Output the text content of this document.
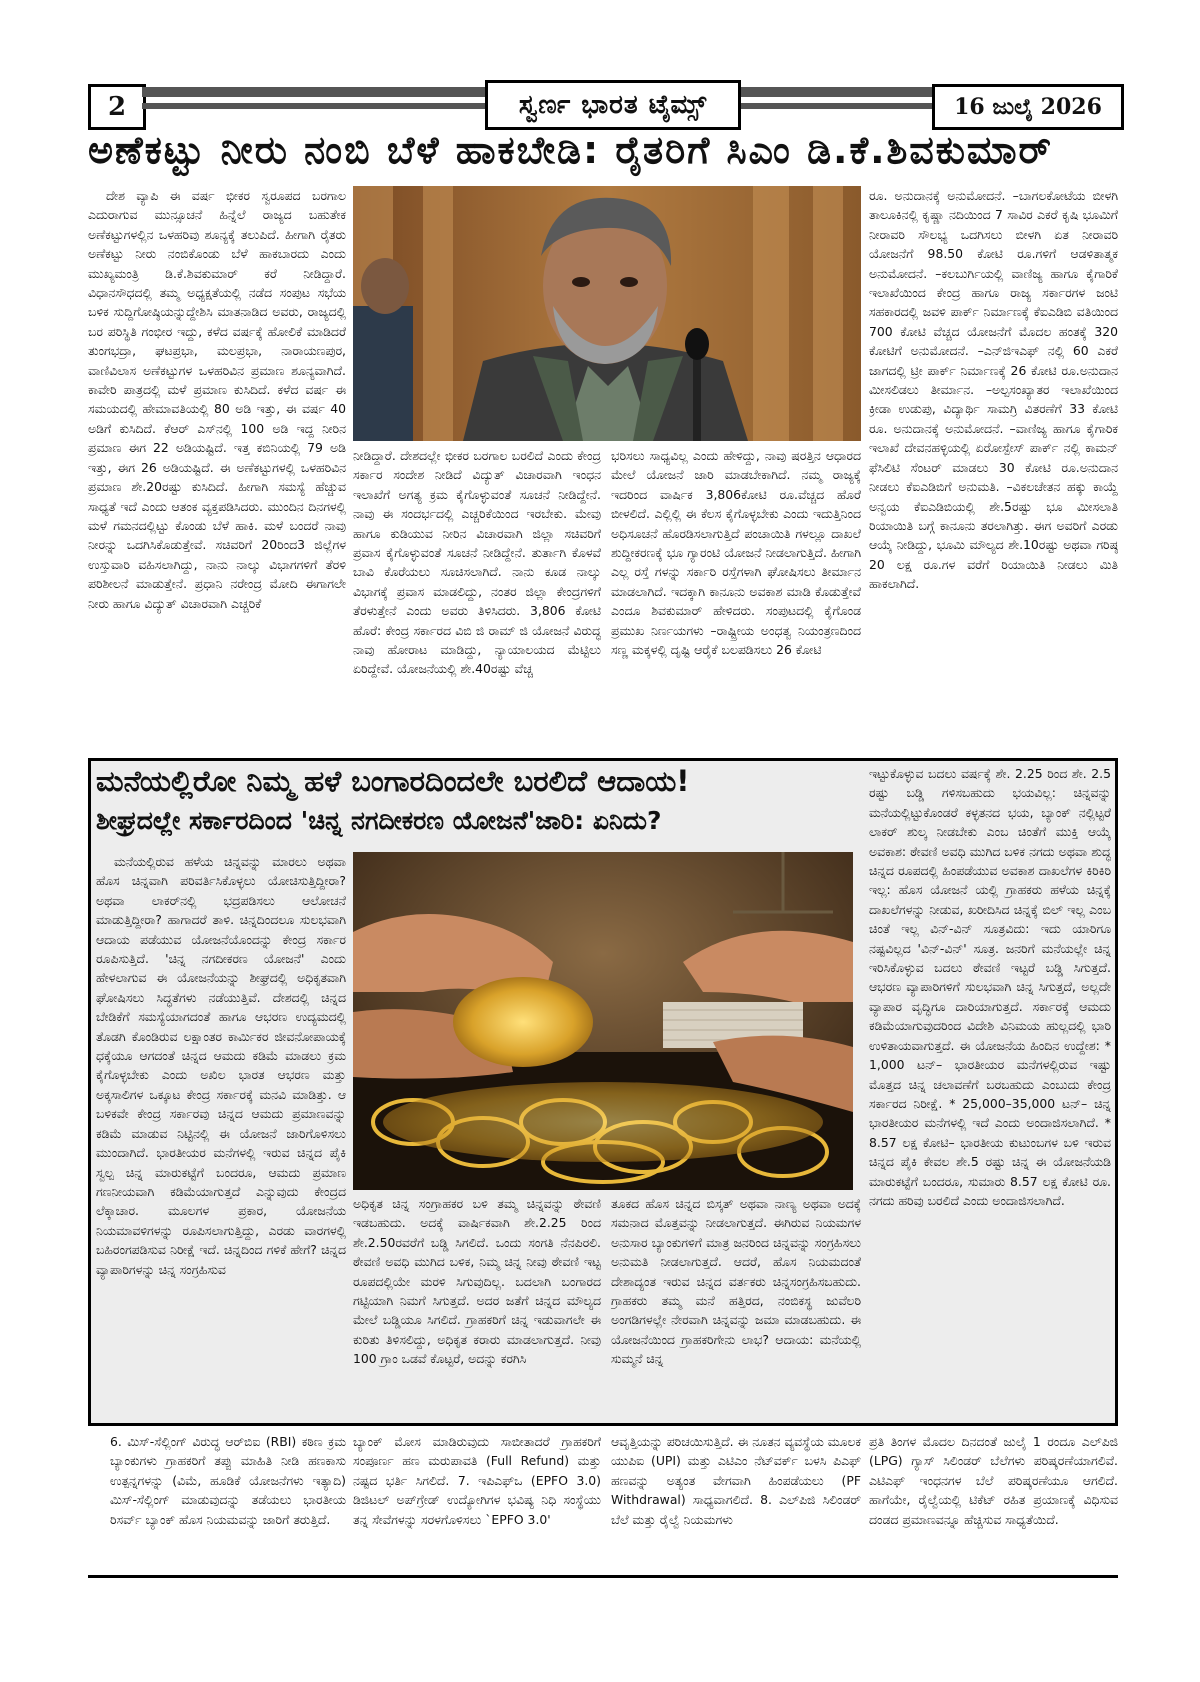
2	ಸ್ವರ್ಣ ಭಾರತ ಟೈಮ್ಸ್	16 ಜುಲೈ 2026
ಅಣೆಕಟ್ಟು ನೀರು ನಂಬಿ ಬೆಳೆ ಹಾಕಬೇಡಿ: ರೈತರಿಗೆ ಸಿಎಂ ಡಿ.ಕೆ.ಶಿವಕುಮಾರ್

ದೇಶ ವ್ಯಾಪಿ ಈ ವರ್ಷ ಭೀಕರ ಸ್ವರೂಪದ ಬರಗಾಲ ಎದುರಾಗುವ ಮುನ್ಸೂಚನೆ ಹಿನ್ನೆಲೆ ರಾಜ್ಯದ ಬಹುತೇಕ ಅಣೆಕಟ್ಟುಗಳಲ್ಲಿನ ಒಳಹರಿವು ಶೂನ್ಯಕ್ಕೆ ತಲುಪಿದೆ. ಹೀಗಾಗಿ ರೈತರು ಅಣೆಕಟ್ಟು ನೀರು ನಂಬಿಕೊಂಡು ಬೆಳೆ ಹಾಕಬಾರದು ಎಂದು ಮುಖ್ಯಮಂತ್ರಿ ಡಿ.ಕೆ.ಶಿವಕುಮಾರ್ ಕರೆ ನೀಡಿದ್ದಾರೆ. ವಿಧಾನಸೌಧದಲ್ಲಿ ತಮ್ಮ ಅಧ್ಯಕ್ಷತೆಯಲ್ಲಿ ನಡೆದ ಸಂಪುಟ ಸಭೆಯ ಬಳಿಕ ಸುದ್ದಿಗೋಷ್ಠಿಯನ್ನುದ್ದೇಶಿಸಿ ಮಾತನಾಡಿದ ಅವರು, ರಾಜ್ಯದಲ್ಲಿ ಬರ ಪರಿಸ್ಥಿತಿ ಗಂಭೀರ ಇದ್ದು, ಕಳೆದ ವರ್ಷಕ್ಕೆ ಹೋಲಿಕೆ ಮಾಡಿದರೆ ತುಂಗಭದ್ರಾ, ಘಟಪ್ರಭಾ, ಮಲಪ್ರಭಾ, ನಾರಾಯಣಪುರ, ವಾಣಿವಿಲಾಸ ಅಣೆಕಟ್ಟುಗಳ ಒಳಹರಿವಿನ ಪ್ರಮಾಣ ಶೂನ್ಯವಾಗಿದೆ. ಕಾವೇರಿ ಪಾತ್ರದಲ್ಲಿ ಮಳೆ ಪ್ರಮಾಣ ಕುಸಿದಿದೆ. ಕಳೆದ ವರ್ಷ ಈ ಸಮಯದಲ್ಲಿ ಹೇಮಾವತಿಯಲ್ಲಿ 80 ಅಡಿ ಇತ್ತು, ಈ ವರ್ಷ 40 ಅಡಿಗೆ ಕುಸಿದಿದೆ. ಕೆಆರ್ ಎಸ್‌ನಲ್ಲಿ 100 ಅಡಿ ಇದ್ದ ನೀರಿನ ಪ್ರಮಾಣ ಈಗ 22 ಅಡಿಯಷ್ಟಿದೆ. ಇತ್ತ ಕಬಿನಿಯಲ್ಲಿ 79 ಅಡಿ ಇತ್ತು, ಈಗ 26 ಅಡಿಯಷ್ಟಿದೆ. ಈ ಅಣೆಕಟ್ಟುಗಳಲ್ಲಿ ಒಳಹರಿವಿನ ಪ್ರಮಾಣ ಶೇ.20ರಷ್ಟು ಕುಸಿದಿದೆ. ಹೀಗಾಗಿ ಸಮಸ್ಯೆ ಹೆಚ್ಚುವ ಸಾಧ್ಯತೆ ಇದೆ ಎಂದು ಆತಂಕ ವ್ಯಕ್ತಪಡಿಸಿದರು. ಮುಂದಿನ ದಿನಗಳಲ್ಲಿ ಮಳೆ ಗಮನದಲ್ಲಿಟ್ಟು ಕೊಂಡು ಬೆಳೆ ಹಾಕಿ. ಮಳೆ ಬಂದರೆ ನಾವು ನೀರನ್ನು ಒದಗಿಸಿಕೊಡುತ್ತೇವೆ. ಸಚಿವರಿಗೆ 20ರಿಂದ3 ಜಿಲ್ಲೆಗಳ ಉಸ್ತುವಾರಿ ವಹಿಸಲಾಗಿದ್ದು, ನಾನು ನಾಲ್ಕು ವಿಭಾಗಗಳಿಗೆ ತೆರಳಿ ಪರಿಶೀಲನೆ ಮಾಡುತ್ತೇನೆ. ಪ್ರಧಾನಿ ನರೇಂದ್ರ ಮೋದಿ ಈಗಾಗಲೇ ನೀರು ಹಾಗೂ ವಿದ್ಯುತ್ ವಿಚಾರವಾಗಿ ಎಚ್ಚರಿಕೆ

ನೀಡಿದ್ದಾರೆ. ದೇಶದಲ್ಲೇ ಭೀಕರ ಬರಗಾಲ ಬರಲಿದೆ ಎಂದು ಕೇಂದ್ರ ಸರ್ಕಾರ ಸಂದೇಶ ನೀಡಿದೆ ವಿದ್ಯುತ್ ವಿಚಾರವಾಗಿ ಇಂಧನ ಇಲಾಖೆಗೆ ಅಗತ್ಯ ಕ್ರಮ ಕೈಗೊಳ್ಳುವಂತೆ ಸೂಚನೆ ನೀಡಿದ್ದೇನೆ. ನಾವು ಈ ಸಂದರ್ಭದಲ್ಲಿ ಎಚ್ಚರಿಕೆಯಿಂದ ಇರಬೇಕು. ಮೇವು ಹಾಗೂ ಕುಡಿಯುವ ನೀರಿನ ವಿಚಾರವಾಗಿ ಜಿಲ್ಲಾ ಸಚಿವರಿಗೆ ಪ್ರವಾಸ ಕೈಗೊಳ್ಳುವಂತೆ ಸೂಚನೆ ನೀಡಿದ್ದೇನೆ. ತುರ್ತಾಗಿ ಕೊಳವೆ ಬಾವಿ ಕೊರೆಯಲು ಸೂಚಿಸಲಾಗಿದೆ. ನಾನು ಕೂಡ ನಾಲ್ಕು ವಿಭಾಗಕ್ಕೆ ಪ್ರವಾಸ ಮಾಡಲಿದ್ದು, ನಂತರ ಜಿಲ್ಲಾ ಕೇಂದ್ರಗಳಿಗೆ ತೆರಳುತ್ತೇನೆ ಎಂದು ಅವರು ತಿಳಿಸಿದರು. 3,806 ಕೋಟಿ ಹೊರೆ: ಕೇಂದ್ರ ಸರ್ಕಾರದ ವಿಬಿ ಜಿ ರಾಮ್ ಜಿ ಯೋಜನೆ ವಿರುದ್ಧ ನಾವು ಹೋರಾಟ ಮಾಡಿದ್ದು, ನ್ಯಾಯಾಲಯದ ಮೆಟ್ಟಿಲು ಏರಿದ್ದೇವೆ. ಯೋಜನೆಯಲ್ಲಿ ಶೇ.40ರಷ್ಟು ವೆಚ್ಚ

ಭರಿಸಲು ಸಾಧ್ಯವಿಲ್ಲ ಎಂದು ಹೇಳಿದ್ದು, ನಾವು ಷರತ್ತಿನ ಆಧಾರದ ಮೇಲೆ ಯೋಜನೆ ಜಾರಿ ಮಾಡಬೇಕಾಗಿದೆ. ನಮ್ಮ ರಾಜ್ಯಕ್ಕೆ ಇದರಿಂದ ವಾರ್ಷಿಕ 3,806ಕೋಟಿ ರೂ.ವೆಚ್ಚದ ಹೊರೆ ಬೀಳಲಿದೆ. ಎಲ್ಲಿಲ್ಲಿ ಈ ಕೆಲಸ ಕೈಗೊಳ್ಳಬೇಕು ಎಂದು ಇದುತ್ತಿನಿಂದ ಅಧಿಸೂಚನೆ ಹೊರಡಿಸಲಾಗುತ್ತಿದೆ ಪಂಚಾಯಿತಿ ಗಳಲ್ಲೂ ದಾಖಲೆ ಶುದ್ದೀಕರಣಕ್ಕೆ ಭೂ ಗ್ಯಾರಂಟಿ ಯೋಜನೆ ನೀಡಲಾಗುತ್ತಿದೆ. ಹೀಗಾಗಿ ಎಲ್ಲ ರಸ್ತೆ ಗಳನ್ನು ಸರ್ಕಾರಿ ರಸ್ತೆಗಳಾಗಿ ಘೋಷಿಸಲು ತೀರ್ಮಾನ ಮಾಡಲಾಗಿದೆ. ಇದಕ್ಕಾಗಿ ಕಾನೂನು ಅವಕಾಶ ಮಾಡಿ ಕೊಡುತ್ತೇವೆ ಎಂದೂ ಶಿವಕುಮಾರ್ ಹೇಳಿದರು. ಸಂಪುಟದಲ್ಲಿ ಕೈಗೊಂಡ ಪ್ರಮುಖ ನಿರ್ಣಯಗಳು –ರಾಷ್ಟ್ರೀಯ ಅಂಧತ್ವ ನಿಯಂತ್ರಣದಿಂದ ಸಣ್ಣ ಮಕ್ಕಳಲ್ಲಿ ದೃಷ್ಟಿ ಆರೈಕೆ ಬಲಪಡಿಸಲು 26 ಕೋಟಿ

ರೂ. ಅನುದಾನಕ್ಕೆ ಅನುಮೋದನೆ. –ಬಾಗಲಕೋಟೆಯ ಬೀಳಗಿ ತಾಲೂಕಿನಲ್ಲಿ ಕೃಷ್ಣಾ ನದಿಯಿಂದ 7 ಸಾವಿರ ಎಕರೆ ಕೃಷಿ ಭೂಮಿಗೆ ನೀರಾವರಿ ಸೌಲಭ್ಯ ಒದಗಿಸಲು ಬೀಳಗಿ ಏತ ನೀರಾವರಿ ಯೋಜನೆಗೆ 98.50 ಕೋಟಿ ರೂ.ಗಳಿಗೆ ಆಡಳಿತಾತ್ಮಕ ಅನುಮೋದನೆ. –ಕಲಬುರ್ಗಿಯಲ್ಲಿ ವಾಣಿಜ್ಯ ಹಾಗೂ ಕೈಗಾರಿಕೆ ಇಲಾಖೆಯಿಂದ ಕೇಂದ್ರ ಹಾಗೂ ರಾಜ್ಯ ಸರ್ಕಾರಗಳ ಜಂಟಿ ಸಹಕಾರದಲ್ಲಿ ಜವಳಿ ಪಾರ್ಕ್ ನಿರ್ಮಾಣಕ್ಕೆ ಕೆಐಎಡಿಬಿ ವತಿಯಿಂದ 700 ಕೋಟಿ ವೆಚ್ಚದ ಯೋಜನೆಗೆ ಮೊದಲ ಹಂತಕ್ಕೆ 320 ಕೋಟಿಗೆ ಅನುಮೋದನೆ. –ಎನ್‌ಜಿಇಎಫ್ ನಲ್ಲಿ 60 ಎಕರೆ ಜಾಗದಲ್ಲಿ ಟ್ರೀ ಪಾರ್ಕ್ ನಿರ್ಮಾಣಕ್ಕೆ 26 ಕೋಟಿ ರೂ.ಅನುದಾನ ಮೀಸಲಿಡಲು ತೀರ್ಮಾನ. –ಅಲ್ಪಸಂಖ್ಯಾತರ ಇಲಾಖೆಯಿಂದ ಕ್ರೀಡಾ ಉಡುಪು, ವಿದ್ಯಾರ್ಥಿ ಸಾಮಗ್ರಿ ವಿತರಣೆಗೆ 33 ಕೋಟಿ ರೂ. ಅನುದಾನಕ್ಕೆ ಅನುಮೋದನೆ. –ವಾಣಿಜ್ಯ ಹಾಗೂ ಕೈಗಾರಿಕ ಇಲಾಖೆ ದೇವನಹಳ್ಳಿಯಲ್ಲಿ ಏರೋಸ್ಪೇಸ್ ಪಾರ್ಕ್ ನಲ್ಲಿ ಕಾಮನ್ ಫೆಸಿಲಿಟಿ ಸೆಂಟರ್ ಮಾಡಲು 30 ಕೋಟಿ ರೂ.ಅನುದಾನ ನೀಡಲು ಕೆಐಎಡಿಬಿಗೆ ಅನುಮತಿ. –ವಿಕಲಚೇತನ ಹಕ್ಕು ಕಾಯ್ದೆ ಅನ್ವಯ ಕೆಐಎಡಿಬಿಯಲ್ಲಿ ಶೇ.5ರಷ್ಟು ಭೂ ಮೀಸಲಾತಿ ರಿಯಾಯಿತಿ ಬಗ್ಗೆ ಕಾನೂನು ತರಲಾಗಿತ್ತು. ಈಗ ಅವರಿಗೆ ಎರಡು ಆಯ್ಕೆ ನೀಡಿದ್ದು, ಭೂಮಿ ಮೌಲ್ಯದ ಶೇ.10ರಷ್ಟು ಅಥವಾ ಗರಿಷ್ಠ 20 ಲಕ್ಷ ರೂ.ಗಳ ವರೆಗೆ ರಿಯಾಯಿತಿ ನೀಡಲು ಮಿತಿ ಹಾಕಲಾಗಿದೆ.

ಮನೆಯಲ್ಲಿರೋ ನಿಮ್ಮ ಹಳೆ ಬಂಗಾರದಿಂದಲೇ ಬರಲಿದೆ ಆದಾಯ!
ಶೀಘ್ರದಲ್ಲೇ ಸರ್ಕಾರದಿಂದ 'ಚಿನ್ನ ನಗದೀಕರಣ ಯೋಜನೆ'ಜಾರಿ: ಏನಿದು?

ಮನೆಯಲ್ಲಿರುವ ಹಳೆಯ ಚಿನ್ನವನ್ನು ಮಾರಲು ಅಥವಾ ಹೊಸ ಚಿನ್ನವಾಗಿ ಪರಿವರ್ತಿಸಿಕೊಳ್ಳಲು ಯೋಚಿಸುತ್ತಿದ್ದೀರಾ? ಅಥವಾ ಲಾಕರ್‌ನಲ್ಲಿ ಭದ್ರಪಡಿಸಲು ಆಲೋಚನೆ ಮಾಡುತ್ತಿದ್ದೀರಾ? ಹಾಗಾದರೆ ತಾಳಿ. ಚಿನ್ನದಿಂದಲೂ ಸುಲಭವಾಗಿ ಆದಾಯ ಪಡೆಯುವ ಯೋಜನೆಯೊಂದನ್ನು ಕೇಂದ್ರ ಸರ್ಕಾರ ರೂಪಿಸುತ್ತಿದೆ. 'ಚಿನ್ನ ನಗದೀಕರಣ ಯೋಜನೆ' ಎಂದು ಹೇಳಲಾಗುವ ಈ ಯೋಜನೆಯನ್ನು ಶೀಘ್ರದಲ್ಲಿ ಅಧಿಕೃತವಾಗಿ ಘೋಷಿಸಲು ಸಿದ್ಧತೆಗಳು ನಡೆಯುತ್ತಿವೆ. ದೇಶದಲ್ಲಿ ಚಿನ್ನದ ಬೇಡಿಕೆಗೆ ಸಮಸ್ಯೆಯಾಗದಂತೆ ಹಾಗೂ ಆಭರಣ ಉದ್ಯಮದಲ್ಲಿ ತೊಡಗಿ ಕೊಂಡಿರುವ ಲಕ್ಷಾಂತರ ಕಾರ್ಮಿಕರ ಜೀವನೋಪಾಯಕ್ಕೆ ಧಕ್ಕೆಯೂ ಆಗದಂತೆ ಚಿನ್ನದ ಆಮದು ಕಡಿಮೆ ಮಾಡಲು ಕ್ರಮ ಕೈಗೊಳ್ಳಬೇಕು ಎಂದು ಅಖಿಲ ಭಾರತ ಆಭರಣ ಮತ್ತು ಅಕ್ಕಸಾಲಿಗಳ ಒಕ್ಕೂಟ ಕೇಂದ್ರ ಸರ್ಕಾರಕ್ಕೆ ಮನವಿ ಮಾಡಿತ್ತು. ಆ ಬಳಿಕವೇ ಕೇಂದ್ರ ಸರ್ಕಾರವು ಚಿನ್ನದ ಆಮದು ಪ್ರಮಾಣವನ್ನು ಕಡಿಮೆ ಮಾಡುವ ನಿಟ್ಟಿನಲ್ಲಿ ಈ ಯೋಜನೆ ಜಾರಿಗೊಳಿಸಲು ಮುಂದಾಗಿದೆ. ಭಾರತೀಯರ ಮನೆಗಳಲ್ಲಿ ಇರುವ ಚಿನ್ನದ ಪೈಕಿ ಸ್ವಲ್ಪ ಚಿನ್ನ ಮಾರುಕಟ್ಟೆಗೆ ಬಂದರೂ, ಆಮದು ಪ್ರಮಾಣ ಗಣನೀಯವಾಗಿ ಕಡಿಮೆಯಾಗುತ್ತದೆ ಎನ್ನುವುದು ಕೇಂದ್ರದ ಲೆಕ್ಕಾಚಾರ. ಮೂಲಗಳ ಪ್ರಕಾರ, ಯೋಜನೆಯ ನಿಯಮಾವಳಿಗಳನ್ನು ರೂಪಿಸಲಾಗುತ್ತಿದ್ದು, ಎರಡು ವಾರಗಳಲ್ಲಿ ಬಹಿರಂಗಪಡಿಸುವ ನಿರೀಕ್ಷೆ ಇದೆ. ಚಿನ್ನದಿಂದ ಗಳಿಕೆ ಹೇಗೆ? ಚಿನ್ನದ ವ್ಯಾಪಾರಿಗಳನ್ನು ಚಿನ್ನ ಸಂಗ್ರಹಿಸುವ

ಅಧಿಕೃತ ಚಿನ್ನ ಸಂಗ್ರಾಹಕರ ಬಳಿ ತಮ್ಮ ಚಿನ್ನವನ್ನು ಠೇವಣಿ ಇಡಬಹುದು. ಅದಕ್ಕೆ ವಾರ್ಷಿಕವಾಗಿ ಶೇ.2.25 ರಿಂದ ಶೇ.2.50ರವರೆಗೆ ಬಡ್ಡಿ ಸಿಗಲಿದೆ. ಒಂದು ಸಂಗತಿ ನೆನಪಿರಲಿ. ಠೇವಣಿ ಅವಧಿ ಮುಗಿದ ಬಳಿಕ, ನಿಮ್ಮ ಚಿನ್ನ ನೀವು ಠೇವಣಿ ಇಟ್ಟ ರೂಪದಲ್ಲಿಯೇ ಮರಳಿ ಸಿಗುವುದಿಲ್ಲ. ಬದಲಾಗಿ ಬಂಗಾರದ ಗಟ್ಟಿಯಾಗಿ ನಿಮಗೆ ಸಿಗುತ್ತದೆ. ಅದರ ಜತೆಗೆ ಚಿನ್ನದ ಮೌಲ್ಯದ ಮೇಲೆ ಬಡ್ಡಿಯೂ ಸಿಗಲಿದೆ. ಗ್ರಾಹಕರಿಗೆ ಚಿನ್ನ ಇಡುವಾಗಲೇ ಈ ಕುರಿತು ತಿಳಿಸಲಿದ್ದು, ಅಧಿಕೃತ ಕರಾರು ಮಾಡಲಾಗುತ್ತದೆ. ನೀವು 100 ಗ್ರಾಂ ಒಡವೆ ಕೊಟ್ಟರೆ, ಅದನ್ನು ಕರಗಿಸಿ

ತೂಕದ ಹೊಸ ಚಿನ್ನದ ಬಿಸ್ಕತ್ ಅಥವಾ ನಾಣ್ಯ ಅಥವಾ ಅದಕ್ಕೆ ಸಮನಾದ ಮೊತ್ತವನ್ನು ನೀಡಲಾಗುತ್ತದೆ. ಈಗಿರುವ ನಿಯಮಗಳ ಅನುಸಾರ ಬ್ಯಾಂಕುಗಳಿಗೆ ಮಾತ್ರ ಜನರಿಂದ ಚಿನ್ನವನ್ನು ಸಂಗ್ರಹಿಸಲು ಅನುಮತಿ ನೀಡಲಾಗುತ್ತದೆ. ಆದರೆ, ಹೊಸ ನಿಯಮದಂತೆ ದೇಶಾದ್ಯಂತ ಇರುವ ಚಿನ್ನದ ವರ್ತಕರು ಚಿನ್ನಸಂಗ್ರಹಿಸಬಹುದು. ಗ್ರಾಹಕರು ತಮ್ಮ ಮನೆ ಹತ್ತಿರದ, ನಂಬಿಕಸ್ಥ ಜುವೆಲರಿ ಅಂಗಡಿಗಳಲ್ಲೇ ನೇರವಾಗಿ ಚಿನ್ನವನ್ನು ಜಮಾ ಮಾಡಬಹುದು. ಈ ಯೋಜನೆಯಿಂದ ಗ್ರಾಹಕರಿಗೇನು ಲಾಭ? ಆದಾಯ: ಮನೆಯಲ್ಲಿ ಸುಮ್ಮನೆ ಚಿನ್ನ

ಇಟ್ಟುಕೊಳ್ಳುವ ಬದಲು ವರ್ಷಕ್ಕೆ ಶೇ. 2.25 ರಿಂದ ಶೇ. 2.5 ರಷ್ಟು ಬಡ್ಡಿ ಗಳಿಸಬಹುದು ಭಯವಿಲ್ಲ: ಚಿನ್ನವನ್ನು ಮನೆಯಲ್ಲಿಟ್ಟುಕೊಂಡರೆ ಕಳ್ಳತನದ ಭಯ, ಬ್ಯಾಂಕ್ ನಲ್ಲಿಟ್ಟರೆ ಲಾಕರ್ ಶುಲ್ಕ ನೀಡಬೇಕು ಎಂಬ ಚಿಂತೆಗೆ ಮುಕ್ತಿ ಆಯ್ಕೆ ಅವಕಾಶ: ಠೇವಣಿ ಅವಧಿ ಮುಗಿದ ಬಳಿಕ ನಗದು ಅಥವಾ ಶುದ್ಧ ಚಿನ್ನದ ರೂಪದಲ್ಲಿ ಹಿಂಪಡೆಯುವ ಅವಕಾಶ ದಾಖಲೆಗಳ ಕಿರಿಕಿರಿ ಇಲ್ಲ: ಹೊಸ ಯೋಜನೆ ಯಲ್ಲಿ ಗ್ರಾಹಕರು ಹಳೆಯ ಚಿನ್ನಕ್ಕೆ ದಾಖಲೆಗಳನ್ನು ನೀಡುವ, ಖರೀದಿಸಿದ ಚಿನ್ನಕ್ಕೆ ಬಿಲ್ ಇಲ್ಲ ಎಂಬ ಚಿಂತೆ ಇಲ್ಲ ವಿನ್-ವಿನ್ ಸೂತ್ರವಿದು: ಇದು ಯಾರಿಗೂ ನಷ್ಟವಿಲ್ಲದ 'ವಿನ್-ವಿನ್' ಸೂತ್ರ. ಜನರಿಗೆ ಮನೆಯಲ್ಲೇ ಚಿನ್ನ ಇರಿಸಿಕೊಳ್ಳುವ ಬದಲು ಠೇವಣಿ ಇಟ್ಟರೆ ಬಡ್ಡಿ ಸಿಗುತ್ತದೆ. ಆಭರಣ ವ್ಯಾಪಾರಿಗಳಿಗೆ ಸುಲಭವಾಗಿ ಚಿನ್ನ ಸಿಗುತ್ತದೆ, ಅಲ್ಲದೇ ವ್ಯಾಪಾರ ವೃದ್ಧಿಗೂ ದಾರಿಯಾಗುತ್ತದೆ. ಸರ್ಕಾರಕ್ಕೆ ಆಮದು ಕಡಿಮೆಯಾಗುವುದರಿಂದ ವಿದೇಶಿ ವಿನಿಮಯ ಹುಲ್ಲದಲ್ಲಿ ಭಾರಿ ಉಳಿತಾಯವಾಗುತ್ತದೆ. ಈ ಯೋಜನೆಯ ಹಿಂದಿನ ಉದ್ದೇಶ: * 1,000 ಟನ್‌– ಭಾರತೀಯರ ಮನೆಗಳಲ್ಲಿರುವ ಇಷ್ಟು ಮೊತ್ತದ ಚಿನ್ನ ಚಲಾವಣೆಗೆ ಬರಬಹುದು ಎಂಬುದು ಕೇಂದ್ರ ಸರ್ಕಾರದ ನಿರೀಕ್ಷೆ. * 25,000–35,000 ಟನ್‌– ಚಿನ್ನ ಭಾರತೀಯರ ಮನೆಗಳಲ್ಲಿ ಇದೆ ಎಂದು ಅಂದಾಜಿಸಲಾಗಿದೆ. * 8.57 ಲಕ್ಷ ಕೋಟಿ– ಭಾರತೀಯ ಕುಟುಂಬಗಳ ಬಳಿ ಇರುವ ಚಿನ್ನದ ಪೈಕಿ ಕೇವಲ ಶೇ.5 ರಷ್ಟು ಚಿನ್ನ ಈ ಯೋಜನೆಯಡಿ ಮಾರುಕಟ್ಟೆಗೆ ಬಂದರೂ, ಸುಮಾರು 8.57 ಲಕ್ಷ ಕೋಟಿ ರೂ. ನಗದು ಹರಿವು ಬರಲಿದೆ ಎಂದು ಅಂದಾಜಿಸಲಾಗಿದೆ.

6. ಮಿಸ್-ಸೆಲ್ಲಿಂಗ್ ವಿರುದ್ಧ ಆರ್‌ಬಿಐ (RBI) ಕಠಿಣ ಕ್ರಮ ಬ್ಯಾಂಕುಗಳು ಗ್ರಾಹಕರಿಗೆ ತಪ್ಪು ಮಾಹಿತಿ ನೀಡಿ ಹಣಕಾಸು ಉತ್ಪನ್ನಗಳನ್ನು (ವಿಮೆ, ಹೂಡಿಕೆ ಯೋಜನೆಗಳು ಇತ್ಯಾದಿ) ಮಿಸ್-ಸೆಲ್ಲಿಂಗ್ ಮಾಡುವುದನ್ನು ತಡೆಯಲು ಭಾರತೀಯ ರಿಸರ್ವ್ ಬ್ಯಾಂಕ್ ಹೊಸ ನಿಯಮವನ್ನು ಜಾರಿಗೆ ತರುತ್ತಿದೆ.

ಬ್ಯಾಂಕ್ ಮೋಸ ಮಾಡಿರುವುದು ಸಾಬೀತಾದರೆ ಗ್ರಾಹಕರಿಗೆ ಸಂಪೂರ್ಣ ಹಣ ಮರುಪಾವತಿ (Full Refund) ಮತ್ತು ನಷ್ಟದ ಭರ್ತಿ ಸಿಗಲಿದೆ. 7. ಇಪಿಎಫ್‌ಒ (EPFO 3.0) ಡಿಜಿಟಲ್ ಅಪ್‌ಗ್ರೇಡ್ ಉದ್ಯೋಗಿಗಳ ಭವಿಷ್ಯ ನಿಧಿ ಸಂಸ್ಥೆಯು ತನ್ನ ಸೇವೆಗಳನ್ನು ಸರಳಗೊಳಿಸಲು `EPFO 3.0'

ಆವೃತ್ತಿಯನ್ನು ಪರಿಚಯಿಸುತ್ತಿದೆ. ಈ ನೂತನ ವ್ಯವಸ್ಥೆಯ ಮೂಲಕ ಯುಪಿಐ (UPI) ಮತ್ತು ಎಟಿಎಂ ನೆಟ್‌ವರ್ಕ್ ಬಳಸಿ ಪಿಎಫ್ ಹಣವನ್ನು ಅತ್ಯಂತ ವೇಗವಾಗಿ ಹಿಂಪಡೆಯಲು (PF Withdrawal) ಸಾಧ್ಯವಾಗಲಿದೆ. 8. ಎಲ್‌ಪಿಜಿ ಸಿಲಿಂಡರ್ ಬೆಲೆ ಮತ್ತು ರೈಲ್ವೆ ನಿಯಮಗಳು

ಪ್ರತಿ ತಿಂಗಳ ಮೊದಲ ದಿನದಂತೆ ಜುಲೈ 1 ರಂದೂ ಎಲ್‌ಪಿಜಿ (LPG) ಗ್ಯಾಸ್ ಸಿಲಿಂಡರ್ ಬೆಲೆಗಳು ಪರಿಷ್ಕರಣೆಯಾಗಲಿವೆ. ಎಟಿಎಫ್ ಇಂಧನಗಳ ಬೆಲೆ ಪರಿಷ್ಕರಣೆಯೂ ಆಗಲಿದೆ. ಹಾಗೆಯೇ, ರೈಲ್ವೆಯಲ್ಲಿ ಟಿಕೆಟ್ ರಹಿತ ಪ್ರಯಾಣಕ್ಕೆ ವಿಧಿಸುವ ದಂಡದ ಪ್ರಮಾಣವನ್ನೂ ಹೆಚ್ಚಿಸುವ ಸಾಧ್ಯತೆಯಿದೆ.
